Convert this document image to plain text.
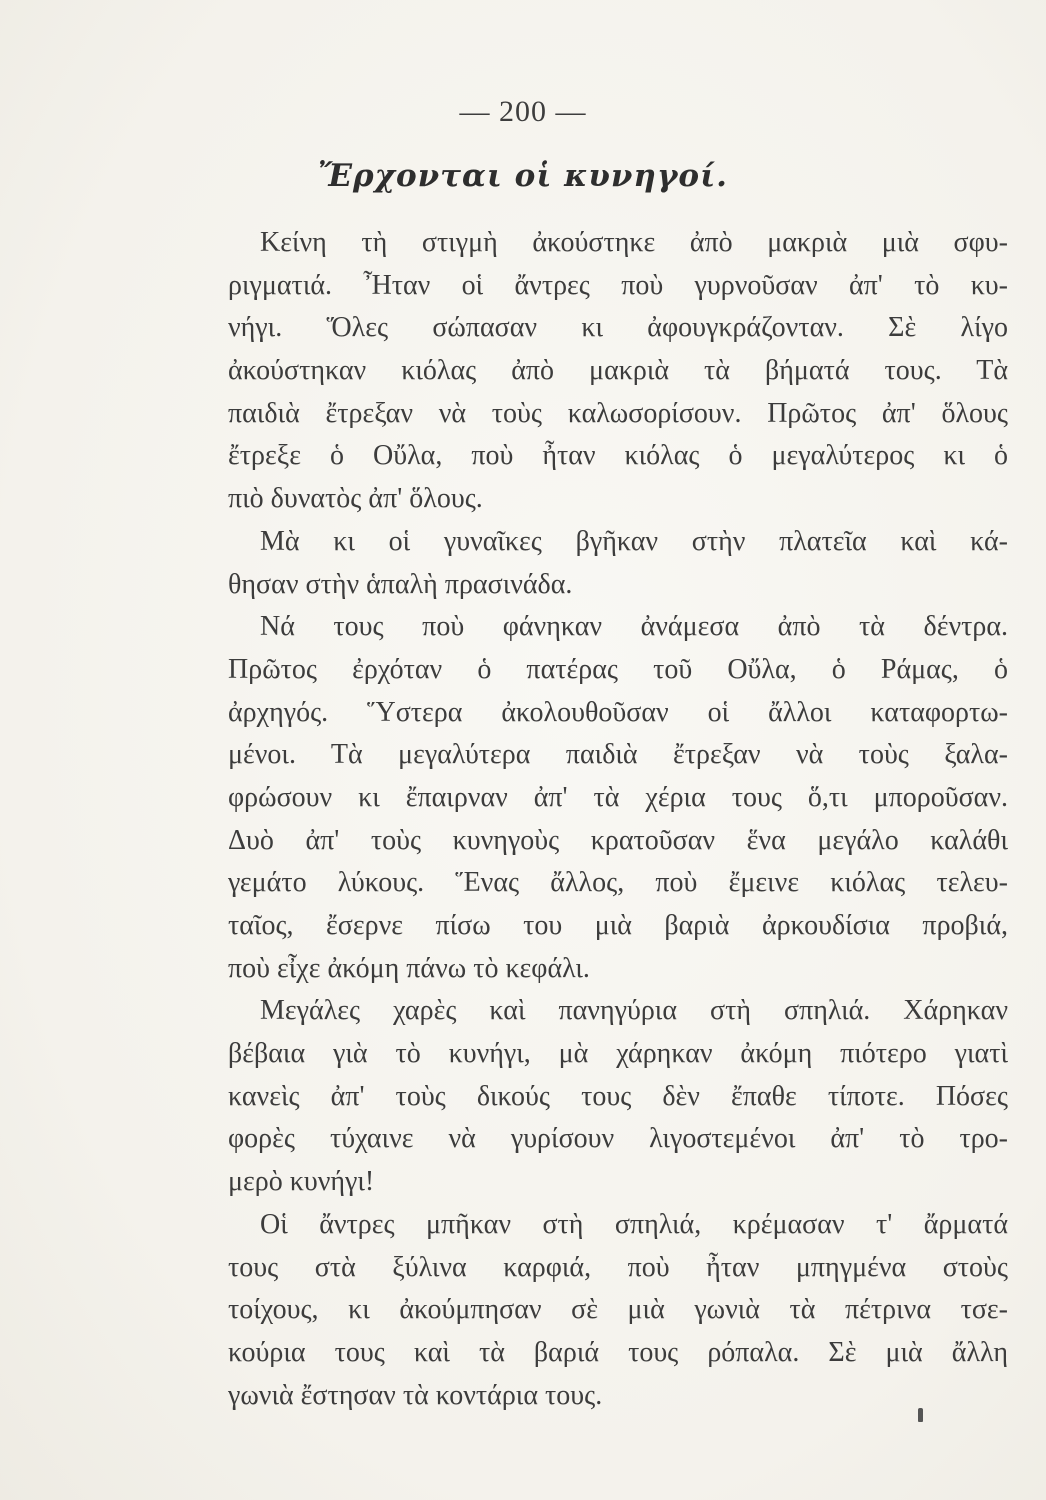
— 200 —
Ἔρχονται οἱ κυνηγοί.
Κείνη τὴ στιγμὴ ἀκούστηκε ἀπὸ μακριὰ μιὰ σφυ-
ριγματιά. Ἦταν οἱ ἄντρες ποὺ γυρνοῦσαν ἀπ' τὸ κυ-
νήγι. Ὅλες σώπασαν κι ἀφουγκράζονταν. Σὲ λίγο
ἀκούστηκαν κιόλας ἀπὸ μακριὰ τὰ βήματά τους. Τὰ
παιδιὰ ἔτρεξαν νὰ τοὺς καλωσορίσουν. Πρῶτος ἀπ' ὅλους
ἔτρεξε ὁ Οὔλα, ποὺ ἦταν κιόλας ὁ μεγαλύτερος κι ὁ
πιὸ δυνατὸς ἀπ' ὅλους.
Μὰ κι οἱ γυναῖκες βγῆκαν στὴν πλατεῖα καὶ κά-
θησαν στὴν ἁπαλὴ πρασινάδα.
Νά τους ποὺ φάνηκαν ἀνάμεσα ἀπὸ τὰ δέντρα.
Πρῶτος ἐρχόταν ὁ πατέρας τοῦ Οὔλα, ὁ Ράμας, ὁ
ἀρχηγός. Ὕστερα ἀκολουθοῦσαν οἱ ἄλλοι καταφορτω-
μένοι. Τὰ μεγαλύτερα παιδιὰ ἔτρεξαν νὰ τοὺς ξαλα-
φρώσουν κι ἔπαιρναν ἀπ' τὰ χέρια τους ὅ,τι μποροῦσαν.
Δυὸ ἀπ' τοὺς κυνηγοὺς κρατοῦσαν ἕνα μεγάλο καλάθι
γεμάτο λύκους. Ἕνας ἄλλος, ποὺ ἔμεινε κιόλας τελευ-
ταῖος, ἔσερνε πίσω του μιὰ βαριὰ ἀρκουδίσια προβιά,
ποὺ εἶχε ἀκόμη πάνω τὸ κεφάλι.
Μεγάλες χαρὲς καὶ πανηγύρια στὴ σπηλιά. Χάρηκαν
βέβαια γιὰ τὸ κυνήγι, μὰ χάρηκαν ἀκόμη πιότερο γιατὶ
κανεὶς ἀπ' τοὺς δικούς τους δὲν ἔπαθε τίποτε. Πόσες
φορὲς τύχαινε νὰ γυρίσουν λιγοστεμένοι ἀπ' τὸ τρο-
μερὸ κυνήγι!
Οἱ ἄντρες μπῆκαν στὴ σπηλιά, κρέμασαν τ' ἄρματά
τους στὰ ξύλινα καρφιά, ποὺ ἦταν μπηγμένα στοὺς
τοίχους, κι ἀκούμπησαν σὲ μιὰ γωνιὰ τὰ πέτρινα τσε-
κούρια τους καὶ τὰ βαριά τους ρόπαλα. Σὲ μιὰ ἄλλη
γωνιὰ ἔστησαν τὰ κοντάρια τους.
